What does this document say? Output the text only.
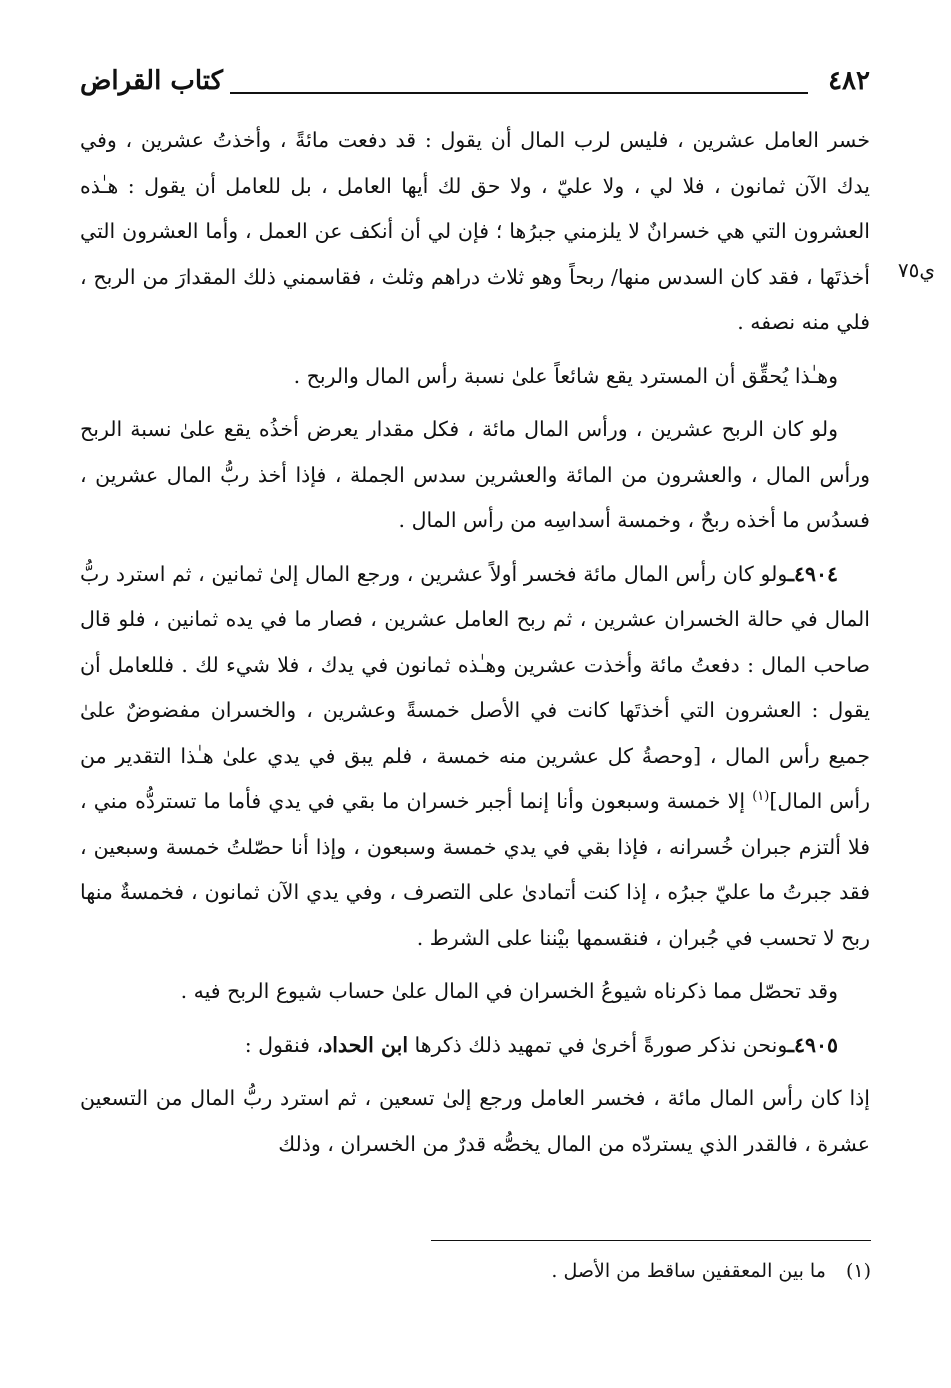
٤٨٢
كتاب القراض
ي٧٥

خسر العامل عشرين ، فليس لرب المال أن يقول : قد دفعت مائةً ، وأخذتُ عشرين ، وفي يدك الآن ثمانون ، فلا لي ، ولا عليّ ، ولا حق لك أيها العامل ، بل للعامل أن يقول : هـٰذه العشرون التي هي خسرانٌ لا يلزمني جبرُها ؛ فإن لي أن أنكف عن العمل ، وأما العشرون التي أخذتَها ، فقد كان السدس منها/ ربحاً وهو ثلاث دراهم وثلث ، فقاسمني ذلك المقدارَ من الربح ، فلي منه نصفه .

وهـٰذا يُحقِّق أن المسترد يقع شائعاً علىٰ نسبة رأس المال والربح .

ولو كان الربح عشرين ، ورأس المال مائة ، فكل مقدار يعرض أخذُه يقع علىٰ نسبة الربح ورأس المال ، والعشرون من المائة والعشرين سدس الجملة ، فإذا أخذ ربُّ المال عشرين ، فسدُس ما أخذه ربحٌ ، وخمسة أسداسِه من رأس المال .

٤٩٠٤ـولو كان رأس المال مائة فخسر أولاً عشرين ، ورجع المال إلىٰ ثمانين ، ثم استرد ربُّ المال في حالة الخسران عشرين ، ثم ربح العامل عشرين ، فصار ما في يده ثمانين ، فلو قال صاحب المال : دفعتُ مائة وأخذت عشرين وهـٰذه ثمانون في يدك ، فلا شيء لك . فللعامل أن يقول : العشرون التي أخذتَها كانت في الأصل خمسةً وعشرين ، والخسران مفضوضٌ علىٰ جميع رأس المال ، [وحصةُ كل عشرين منه خمسة ، فلم يبق في يدي علىٰ هـٰذا التقدير من رأس المال]$^{(١)}$ إلا خمسة وسبعون وأنا إنما أجبر خسران ما بقي في يدي فأما ما تستردُّه مني ، فلا ألتزم جبران خُسرانه ، فإذا بقي في يدي خمسة وسبعون ، وإذا أنا حصّلتُ خمسة وسبعين ، فقد جبرتُ ما عليّ جبرُه ، إذا كنت أتمادىٰ على التصرف ، وفي يدي الآن ثمانون ، فخمسةٌ منها ربح لا تحسب في جُبران ، فنقسمها بيْننا على الشرط .

وقد تحصّل مما ذكرناه شيوعُ الخسران في المال علىٰ حساب شيوع الربح فيه .

٤٩٠٥ـونحن نذكر صورةً أخرىٰ في تمهيد ذلك ذكرها ابن الحداد، فنقول :

إذا كان رأس المال مائة ، فخسر العامل ورجع إلىٰ تسعين ، ثم استرد ربُّ المال من التسعين عشرة ، فالقدر الذي يستردّه من المال يخصُّه قدرٌ من الخسران ، وذلك

(١) ما بين المعقفين ساقط من الأصل .
